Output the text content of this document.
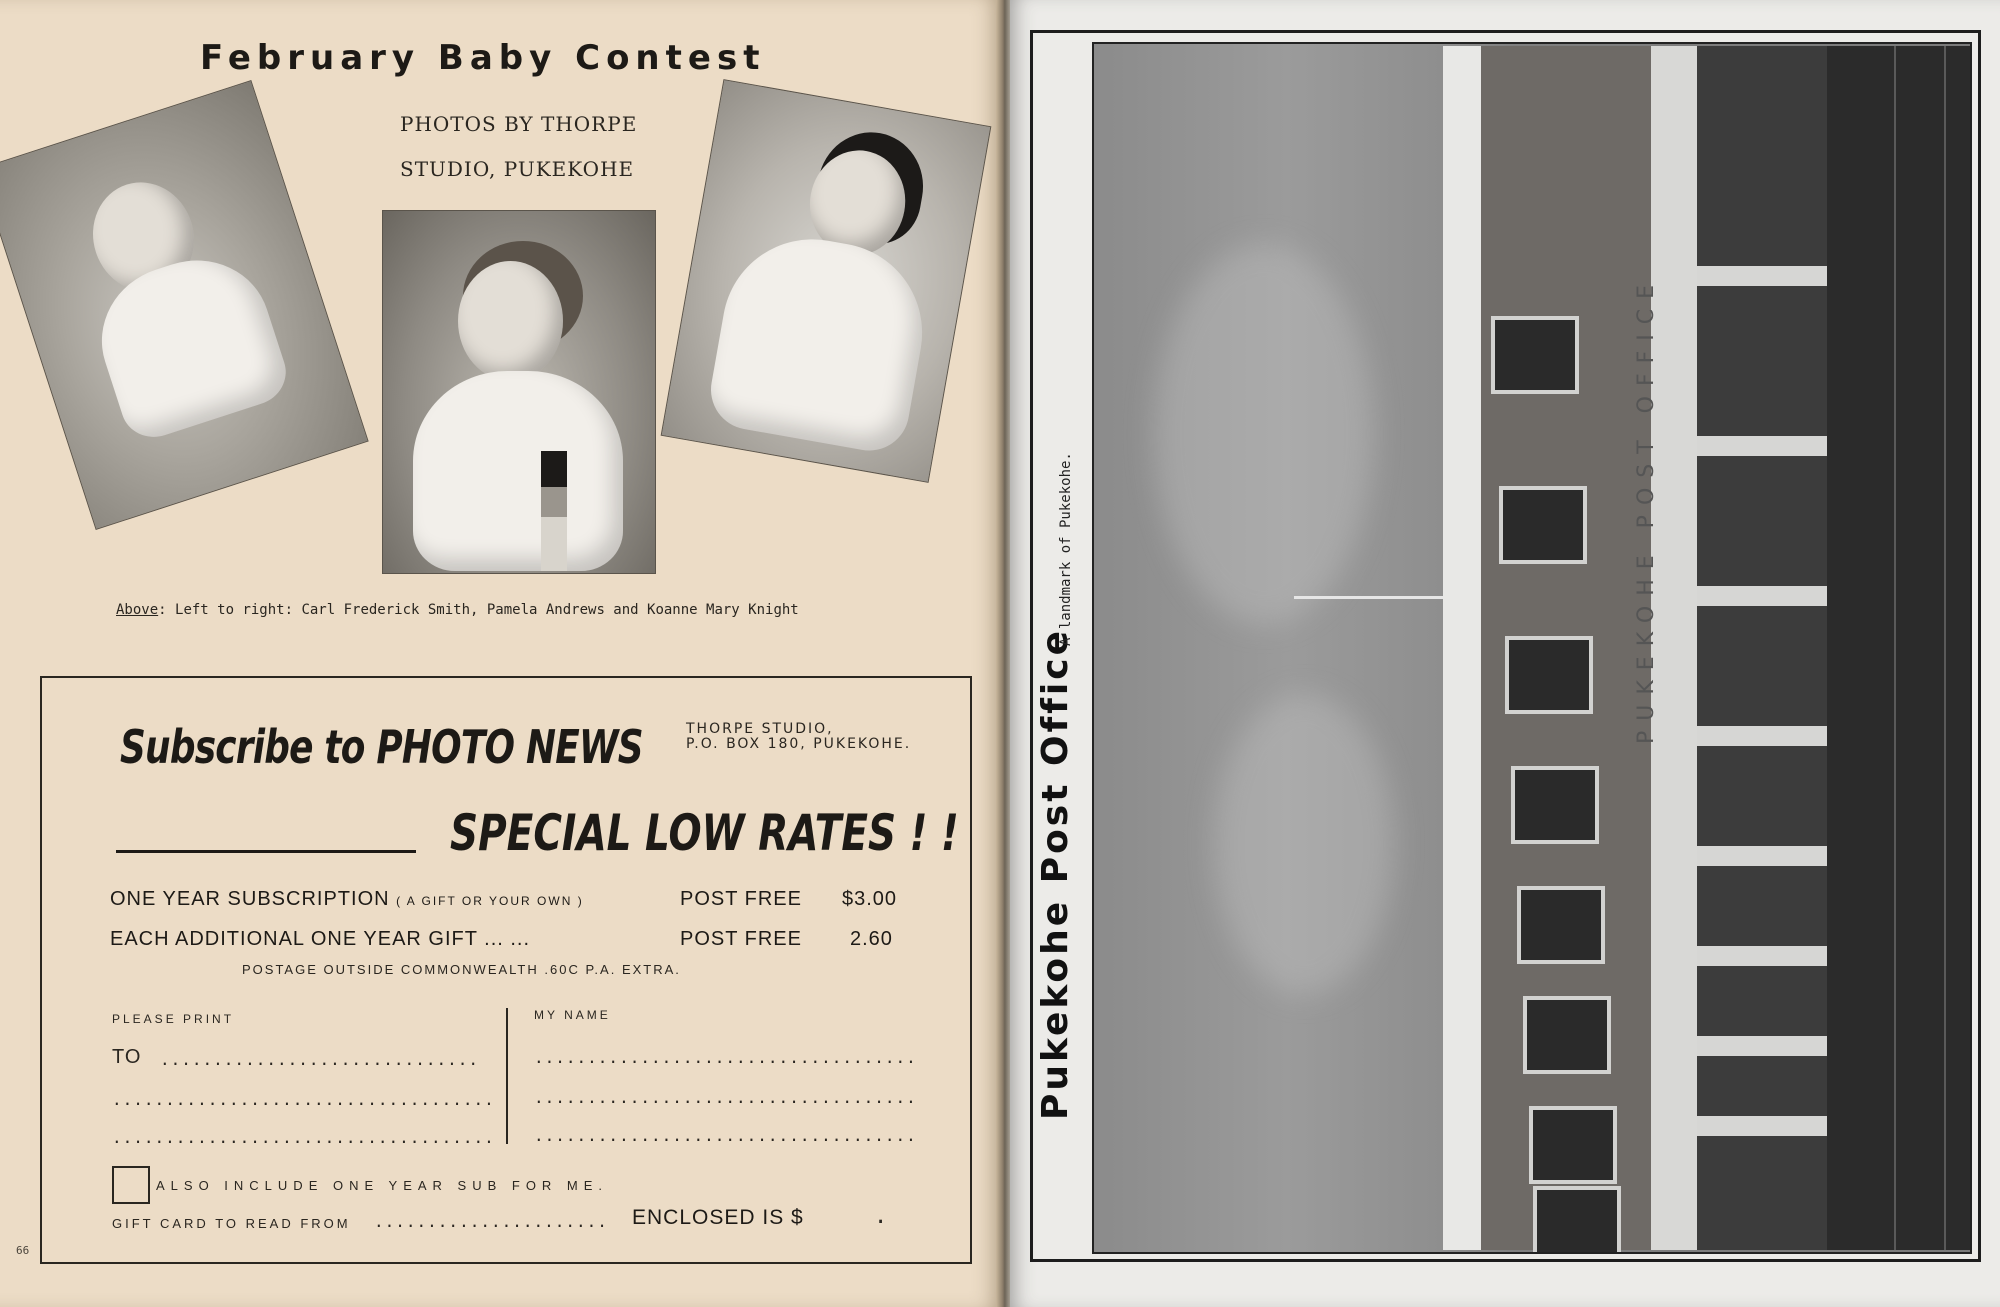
February Baby Contest
PHOTOS BY THORPE
STUDIO, PUKEKOHE
Above: Left to right: Carl Frederick Smith, Pamela Andrews and Koanne Mary Knight
Subscribe to PHOTO NEWS	THORPE STUDIO,
P.O. BOX 180, PUKEKOHE.
SPECIAL LOW RATES ! !
ONE YEAR SUBSCRIPTION ( A GIFT OR YOUR OWN )	POST FREE $3.00
EACH ADDITIONAL ONE YEAR GIFT ... ...	POST FREE 2.60
POSTAGE OUTSIDE COMMONWEALTH .60C P.A. EXTRA.
PLEASE PRINT	MY NAME
TO ..............................
....................................
....................................
....................................
....................................
....................................
ALSO INCLUDE ONE YEAR SUB FOR ME.
GIFT CARD TO READ FROM ...................... ENCLOSED IS $	.
66
Pukekohe Post Office
A landmark of Pukekohe.	PUKEKOHE POST OFFICE
